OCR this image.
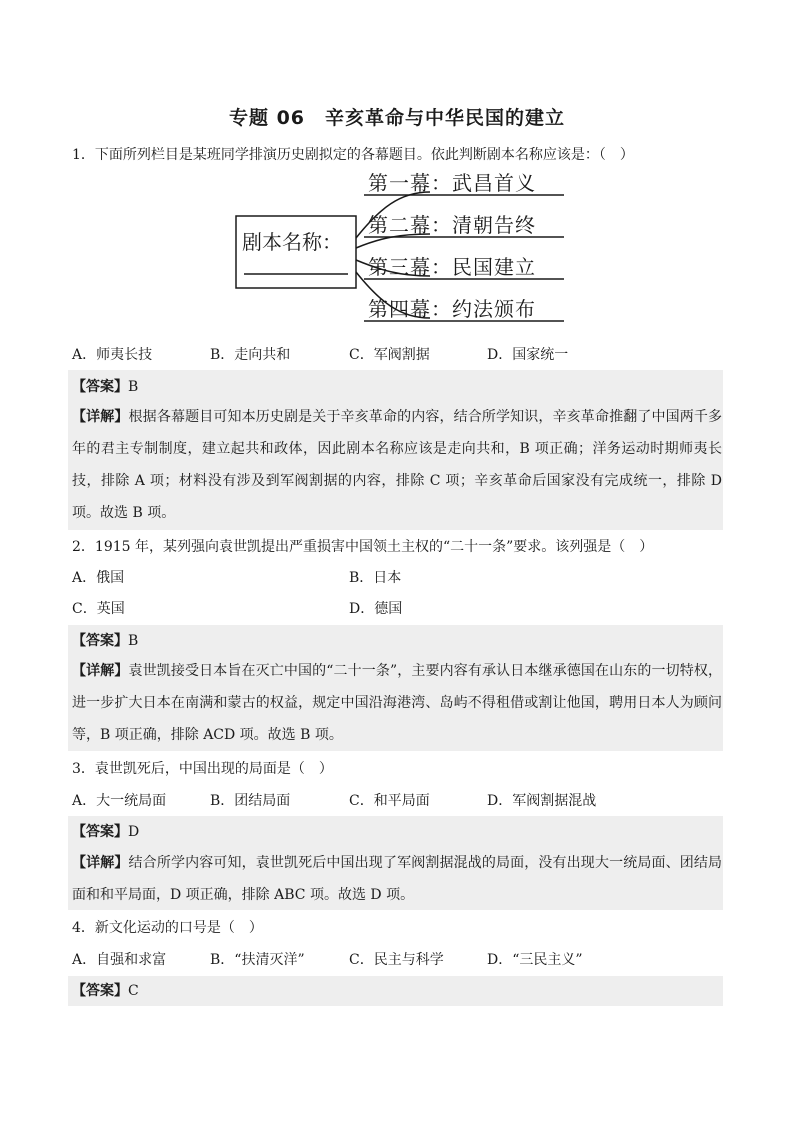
专题 06　辛亥革命与中华民国的建立
1．下面所列栏目是某班同学排演历史剧拟定的各幕题目。依此判断剧本名称应该是：（　）
剧本名称：
第一幕：武昌首义
第二幕：清朝告终
第三幕：民国建立
第四幕：约法颁布
A．师夷长技	B．走向共和	C．军阀割据	D．国家统一
【答案】B
【详解】根据各幕题目可知本历史剧是关于辛亥革命的内容，结合所学知识，辛亥革命推翻了中国两千多年的君主专制制度，建立起共和政体，因此剧本名称应该是走向共和，B 项正确；洋务运动时期师夷长技，排除 A 项；材料没有涉及到军阀割据的内容，排除 C 项；辛亥革命后国家没有完成统一，排除 D 项。故选 B 项。
2．1915 年，某列强向袁世凯提出严重损害中国领土主权的“二十一条”要求。该列强是（　）
A．俄国	B．日本
C．英国	D．德国
【答案】B
【详解】袁世凯接受日本旨在灭亡中国的“二十一条”，主要内容有承认日本继承德国在山东的一切特权，进一步扩大日本在南满和蒙古的权益，规定中国沿海港湾、岛屿不得租借或割让他国，聘用日本人为顾问等，B 项正确，排除 ACD 项。故选 B 项。
3．袁世凯死后，中国出现的局面是（　）
A．大一统局面	B．团结局面	C．和平局面	D．军阀割据混战
【答案】D
【详解】结合所学内容可知，袁世凯死后中国出现了军阀割据混战的局面，没有出现大一统局面、团结局面和和平局面，D 项正确，排除 ABC 项。故选 D 项。
4．新文化运动的口号是（　）
A．自强和求富	B．“扶清灭洋”	C．民主与科学	D．“三民主义”
【答案】C
